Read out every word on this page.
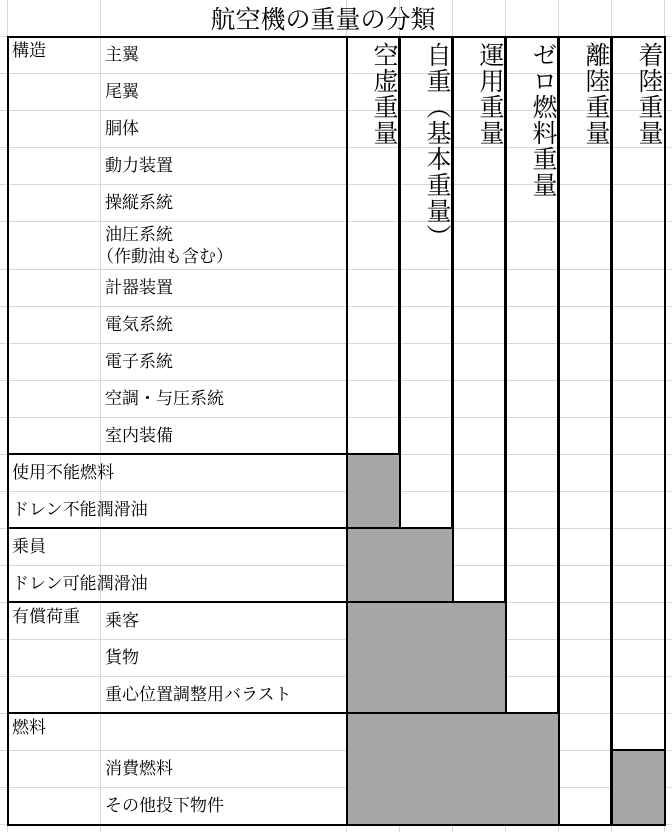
航空機の重量の分類
空虚重量 自重（基本重量） 運用重量 ゼロ燃料重量 離陸重量 着陸重量
構造	主翼
尾翼
胴体
動力装置
操縦系統
油圧系統
（作動油も含む）
計器装置
電気系統
電子系統
空調・与圧系統
室内装備
使用不能燃料
ドレン不能潤滑油
乗員
ドレン可能潤滑油
有償荷重 乗客
貨物
重心位置調整用バラスト
燃料
消費燃料
その他投下物件
